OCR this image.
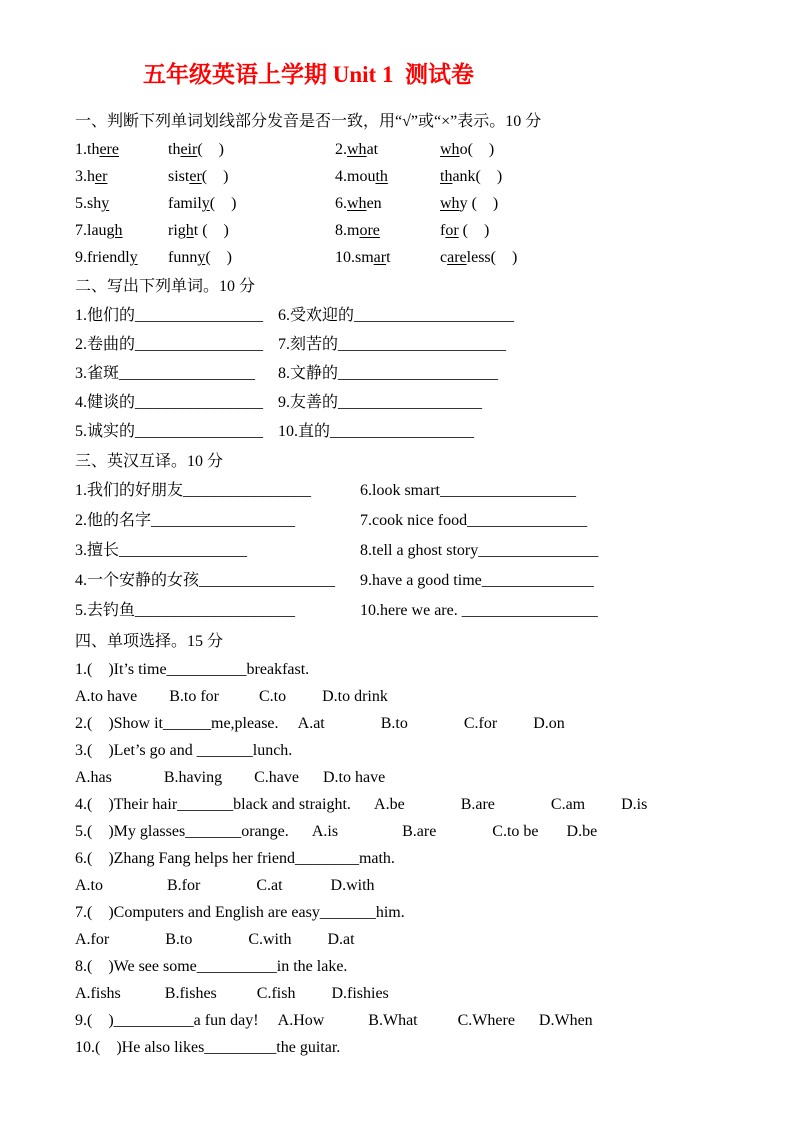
五年级英语上学期 Unit 1  测试卷
一、判断下列单词划线部分发音是否一致，用“√”或“×”表示。10 分
1.there	their(    )	2.what	who(    )
3.her	sister(    )	4.mouth	thank(    )
5.shy	family(    )	6.when	why (    )
7.laugh	right (    )	8.more	for (    )
9.friendly	funny(    )	10.smart	careless(    )
二、写出下列单词。10 分
1.他们的________________ 6.受欢迎的____________________
2.卷曲的________________ 7.刻苦的_____________________
3.雀斑_________________	8.文静的____________________
4.健谈的________________ 9.友善的__________________
5.诚实的________________ 10.直的__________________
三、英汉互译。10 分
1.我们的好朋友________________	6.look smart_________________
2.他的名字__________________	7.cook nice food_______________
3.擅长________________	8.tell a ghost story_______________
4.一个安静的女孩_________________	9.have a good time______________
5.去钓鱼____________________	10.here we are. _________________
四、单项选择。15 分
1.(    )It’s time__________breakfast.
A.to have        B.to for          C.to         D.to drink
2.(    )Show it______me,please.     A.at              B.to              C.for         D.on
3.(    )Let’s go and _______lunch.
A.has             B.having        C.have      D.to have
4.(    )Their hair_______black and straight.      A.be              B.are              C.am         D.is
5.(    )My glasses_______orange.      A.is                B.are              C.to be       D.be
6.(    )Zhang Fang helps her friend________math.
A.to                B.for              C.at            D.with
7.(    )Computers and English are easy_______him.
A.for              B.to              C.with         D.at
8.(    )We see some__________in the lake.
A.fishs           B.fishes          C.fish         D.fishies
9.(    )__________a fun day!     A.How           B.What          C.Where      D.When
10.(    )He also likes_________the guitar.
